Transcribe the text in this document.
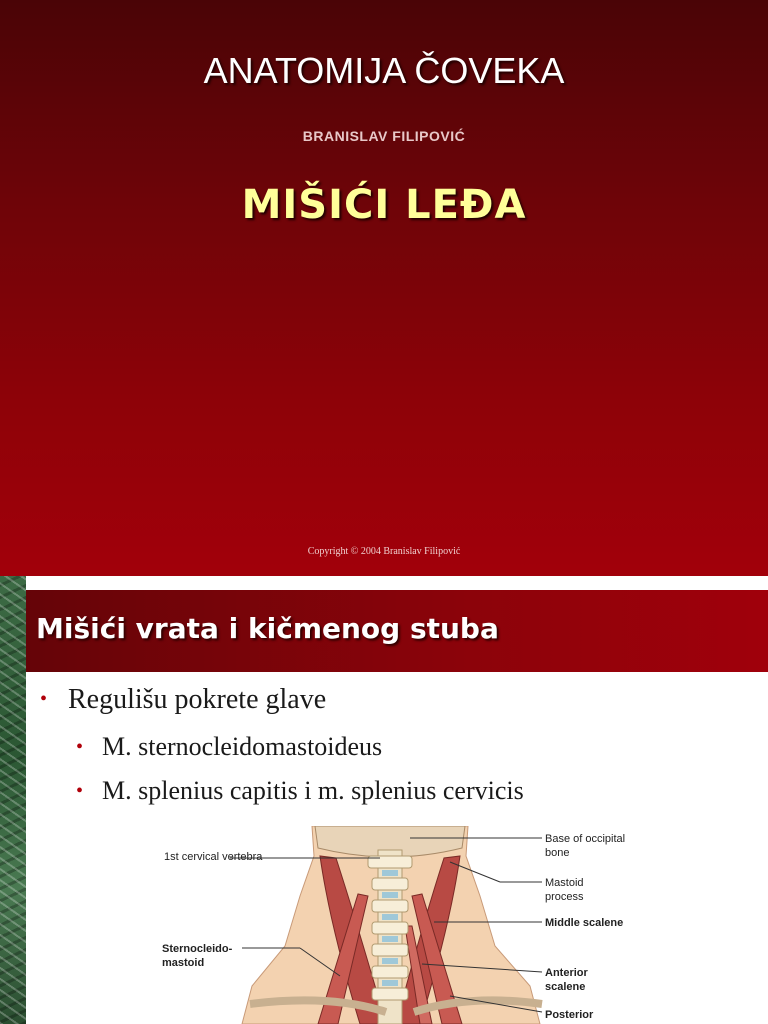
ANATOMIJA ČOVEKA
BRANISLAV FILIPOVIĆ
MIŠIĆI LEĐA
Copyright © 2004 Branislav Filipović
Mišići vrata i kičmenog stuba
• Regulišu pokrete glave
• M. sternocleidomastoideus
• M. splenius capitis i m. splenius cervicis
1st cervical vertebra
Sternocleido- mastoid
Base of occipital bone
Mastoid process
Middle scalene
Anterior scalene
Posterior
